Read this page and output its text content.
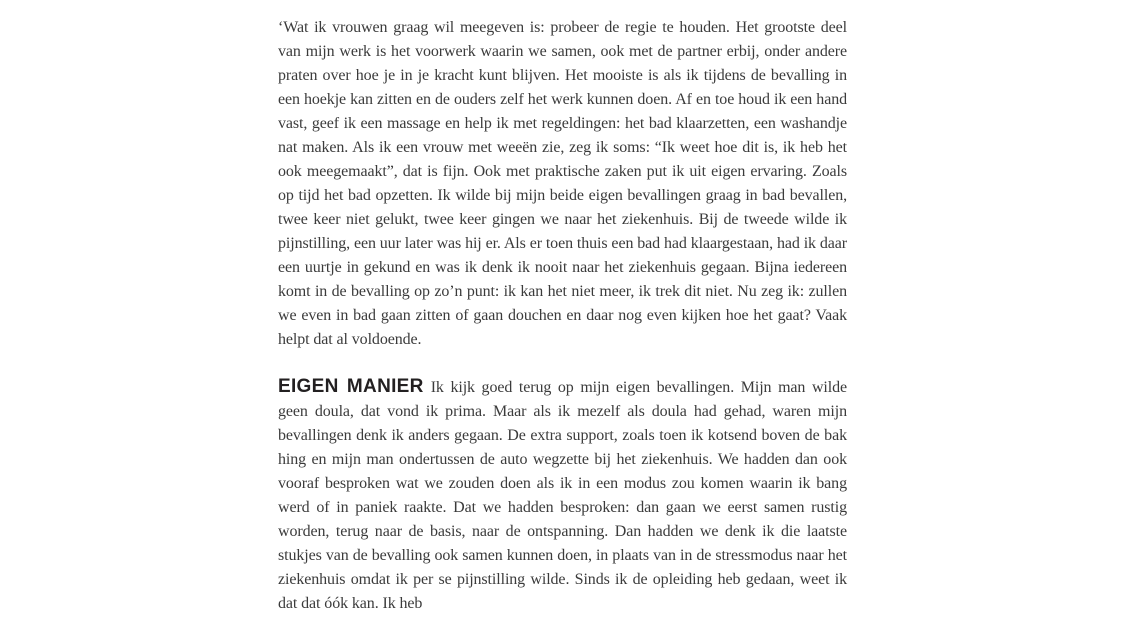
‘Wat ik vrouwen graag wil meegeven is: probeer de regie te houden. Het grootste deel van mijn werk is het voorwerk waarin we samen, ook met de partner erbij, onder andere praten over hoe je in je kracht kunt blijven. Het mooiste is als ik tijdens de bevalling in een hoekje kan zitten en de ouders zelf het werk kunnen doen. Af en toe houd ik een hand vast, geef ik een massage en help ik met regeldingen: het bad klaarzetten, een washandje nat maken. Als ik een vrouw met weeën zie, zeg ik soms: “Ik weet hoe dit is, ik heb het ook meegemaakt”, dat is fijn. Ook met praktische zaken put ik uit eigen ervaring. Zoals op tijd het bad opzetten. Ik wilde bij mijn beide eigen bevallingen graag in bad bevallen, twee keer niet gelukt, twee keer gingen we naar het ziekenhuis. Bij de tweede wilde ik pijnstilling, een uur later was hij er. Als er toen thuis een bad had klaargestaan, had ik daar een uurtje in gekund en was ik denk ik nooit naar het ziekenhuis gegaan. Bijna iedereen komt in de bevalling op zo’n punt: ik kan het niet meer, ik trek dit niet. Nu zeg ik: zullen we even in bad gaan zitten of gaan douchen en daar nog even kijken hoe het gaat? Vaak helpt dat al voldoende.

EIGEN MANIER Ik kijk goed terug op mijn eigen bevallingen. Mijn man wilde geen doula, dat vond ik prima. Maar als ik mezelf als doula had gehad, waren mijn bevallingen denk ik anders gegaan. De extra support, zoals toen ik kotsend boven de bak hing en mijn man ondertussen de auto wegzette bij het ziekenhuis. We hadden dan ook vooraf besproken wat we zouden doen als ik in een modus zou komen waarin ik bang werd of in paniek raakte. Dat we hadden besproken: dan gaan we eerst samen rustig worden, terug naar de basis, naar de ontspanning. Dan hadden we denk ik die laatste stukjes van de bevalling ook samen kunnen doen, in plaats van in de stressmodus naar het ziekenhuis omdat ik per se pijnstilling wilde. Sinds ik de opleiding heb gedaan, weet ik dat dat óók kan. Ik heb
